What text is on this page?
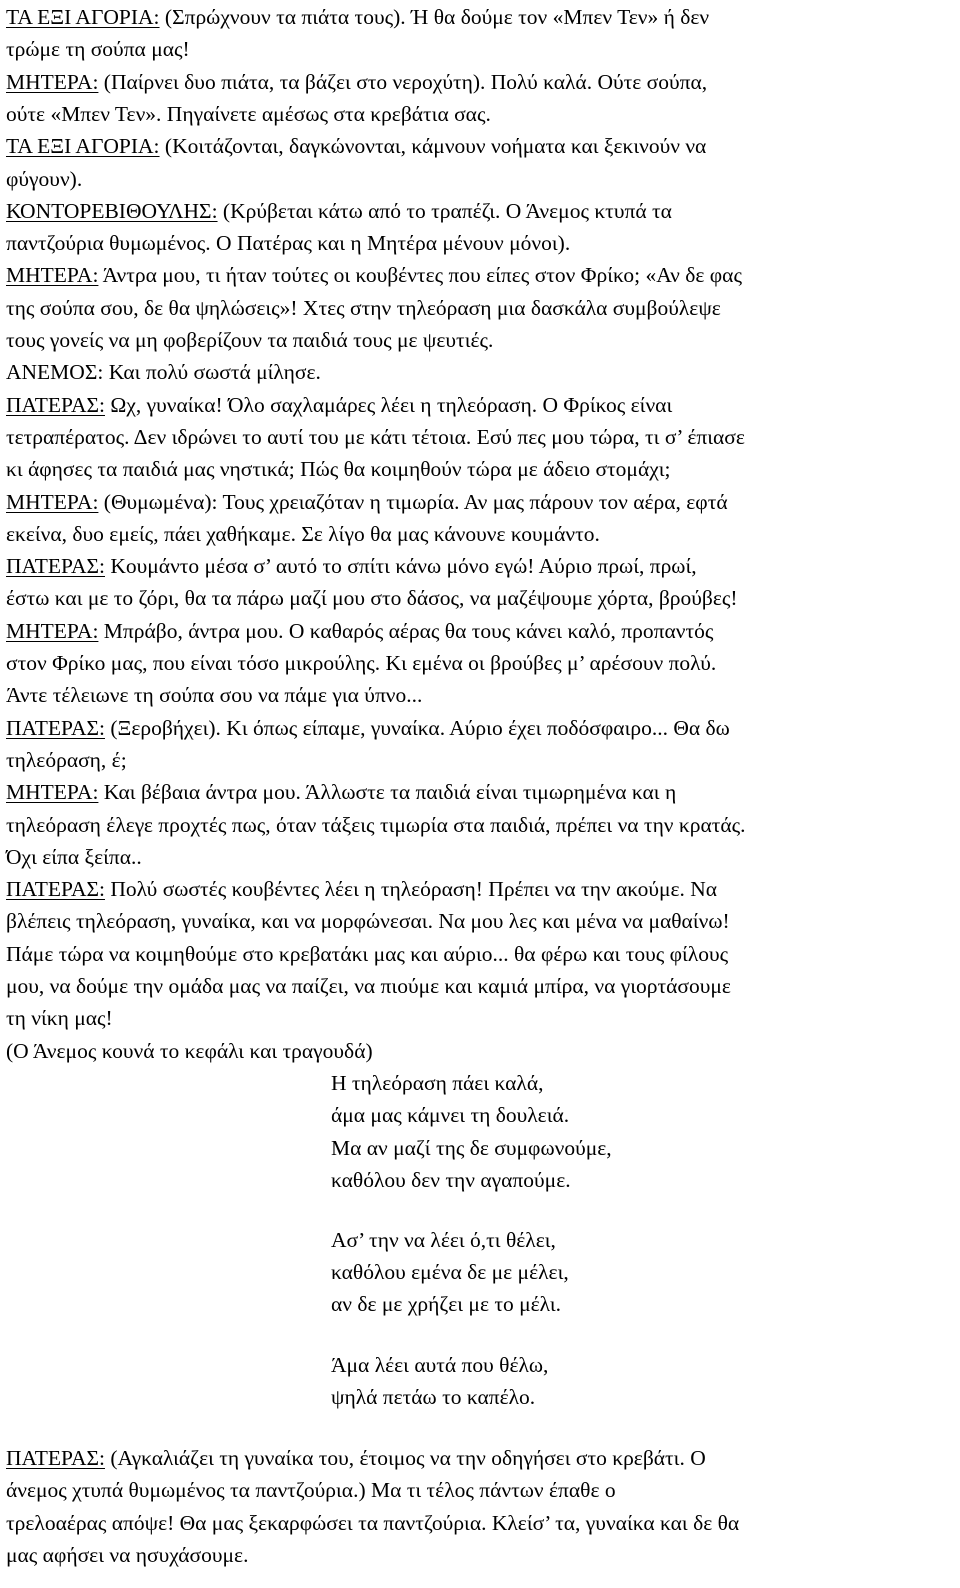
ΤΑ ΕΞΙ ΑΓΟΡΙΑ: (Σπρώχνουν τα πιάτα τους). Ή θα δούμε τον «Μπεν Τεν» ή δεν
τρώμε τη σούπα μας!
ΜΗΤΕΡΑ: (Παίρνει δυο πιάτα, τα βάζει στο νεροχύτη). Πολύ καλά. Ούτε σούπα,
ούτε «Μπεν Τεν». Πηγαίνετε αμέσως στα κρεβάτια σας.
ΤΑ ΕΞΙ ΑΓΟΡΙΑ: (Κοιτάζονται, δαγκώνονται, κάμνουν νοήματα και ξεκινούν να
φύγουν).
ΚΟΝΤΟΡΕΒΙΘΟΥΛΗΣ: (Κρύβεται κάτω από το τραπέζι. Ο Άνεμος κτυπά τα
παντζούρια θυμωμένος. Ο Πατέρας και η Μητέρα μένουν μόνοι).
ΜΗΤΕΡΑ: Άντρα μου, τι ήταν τούτες οι κουβέντες που είπες στον Φρίκο; «Αν δε φας
της σούπα σου, δε θα ψηλώσεις»! Χτες στην τηλεόραση μια δασκάλα συμβούλεψε
τους γονείς να μη φοβερίζουν τα παιδιά τους με ψευτιές.
ΑΝΕΜΟΣ: Και πολύ σωστά μίλησε.
ΠΑΤΕΡΑΣ: Ωχ, γυναίκα! Όλο σαχλαμάρες λέει η τηλεόραση. Ο Φρίκος είναι
τετραπέρατος. Δεν ιδρώνει το αυτί του με κάτι τέτοια. Εσύ πες μου τώρα, τι σ’ έπιασε
κι άφησες τα παιδιά μας νηστικά; Πώς θα κοιμηθούν τώρα με άδειο στομάχι;
ΜΗΤΕΡΑ: (Θυμωμένα): Τους χρειαζόταν η τιμωρία. Αν μας πάρουν τον αέρα, εφτά
εκείνα, δυο εμείς, πάει χαθήκαμε. Σε λίγο θα μας κάνουνε κουμάντο.
ΠΑΤΕΡΑΣ: Κουμάντο μέσα σ’ αυτό το σπίτι κάνω μόνο εγώ! Αύριο πρωί, πρωί,
έστω και με το ζόρι, θα τα πάρω μαζί μου στο δάσος, να μαζέψουμε χόρτα, βρούβες!
ΜΗΤΕΡΑ: Μπράβο, άντρα μου. Ο καθαρός αέρας θα τους κάνει καλό, προπαντός
στον Φρίκο μας, που είναι τόσο μικρούλης. Κι εμένα οι βρούβες μ’ αρέσουν πολύ.
Άντε τέλειωνε τη σούπα σου να πάμε για ύπνο...
ΠΑΤΕΡΑΣ: (Ξεροβήχει). Κι όπως είπαμε, γυναίκα. Αύριο έχει ποδόσφαιρο... Θα δω
τηλεόραση, έ;
ΜΗΤΕΡΑ: Και βέβαια άντρα μου. Άλλωστε τα παιδιά είναι τιμωρημένα και η
τηλεόραση έλεγε προχτές πως, όταν τάξεις τιμωρία στα παιδιά, πρέπει να την κρατάς.
Όχι είπα ξείπα..
ΠΑΤΕΡΑΣ: Πολύ σωστές κουβέντες λέει η τηλεόραση! Πρέπει να την ακούμε. Να
βλέπεις τηλεόραση, γυναίκα, και να μορφώνεσαι. Να μου λες και μένα να μαθαίνω!
Πάμε τώρα να κοιμηθούμε στο κρεβατάκι μας και αύριο... θα φέρω και τους φίλους
μου, να δούμε την ομάδα μας να παίζει, να πιούμε και καμιά μπίρα, να γιορτάσουμε
τη νίκη μας!
(Ο Άνεμος κουνά το κεφάλι και τραγουδά)
Η τηλεόραση πάει καλά,
άμα μας κάμνει τη δουλειά.
Μα αν μαζί της δε συμφωνούμε,
καθόλου δεν την αγαπούμε.
Ασ’ την να λέει ό,τι θέλει,
καθόλου εμένα δε με μέλει,
αν δε με χρήζει με το μέλι.
Άμα λέει αυτά που θέλω,
ψηλά πετάω το καπέλο.
ΠΑΤΕΡΑΣ: (Αγκαλιάζει τη γυναίκα του, έτοιμος να την οδηγήσει στο κρεβάτι. Ο
άνεμος χτυπά θυμωμένος τα παντζούρια.) Μα τι τέλος πάντων έπαθε ο
τρελοαέρας απόψε! Θα μας ξεκαρφώσει τα παντζούρια. Κλείσ’ τα, γυναίκα και δε θα
μας αφήσει να ησυχάσουμε.
